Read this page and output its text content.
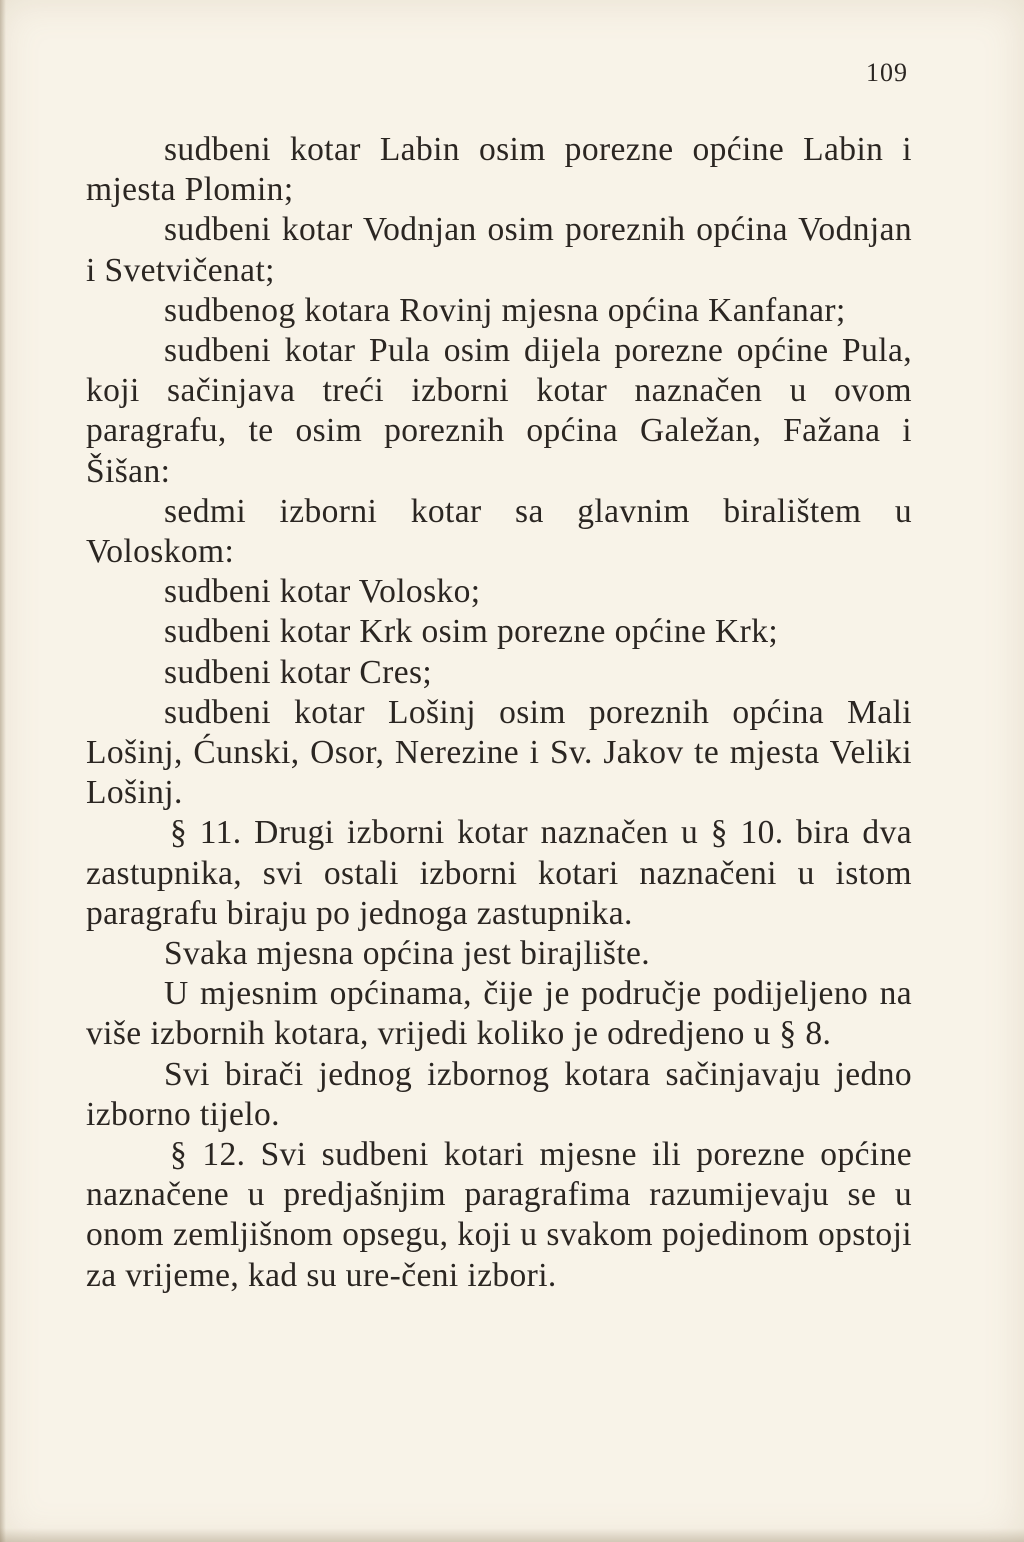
109

sudbeni kotar Labin osim porezne općine Labin i mjesta Plomin;

sudbeni kotar Vodnjan osim poreznih općina Vodnjan i Svetvičenat;

sudbenog kotara Rovinj mjesna općina Kanfanar;

sudbeni kotar Pula osim dijela porezne općine Pula, koji sačinjava treći izborni kotar naznačen u ovom paragrafu, te osim poreznih općina Galežan, Fažana i Šišan:

sedmi izborni kotar sa glavnim biralištem u Voloskom:

sudbeni kotar Volosko;

sudbeni kotar Krk osim porezne općine Krk;

sudbeni kotar Cres;

sudbeni kotar Lošinj osim poreznih općina Mali Lošinj, Ćunski, Osor, Nerezine i Sv. Jakov te mjesta Veliki Lošinj.

§ 11. Drugi izborni kotar naznačen u § 10. bira dva zastupnika, svi ostali izborni kotari naznačeni u istom paragrafu biraju po jednoga zastupnika.

Svaka mjesna općina jest birajlište.

U mjesnim općinama, čije je područje podijeljeno na više izbornih kotara, vrijedi koliko je odredjeno u § 8.

Svi birači jednog izbornog kotara sačinjavaju jedno izborno tijelo.

§ 12. Svi sudbeni kotari mjesne ili porezne općine naznačene u predjašnjim paragrafima razumijevaju se u onom zemljišnom opsegu, koji u svakom pojedinom opstoji za vrijeme, kad su ure-čeni izbori.
